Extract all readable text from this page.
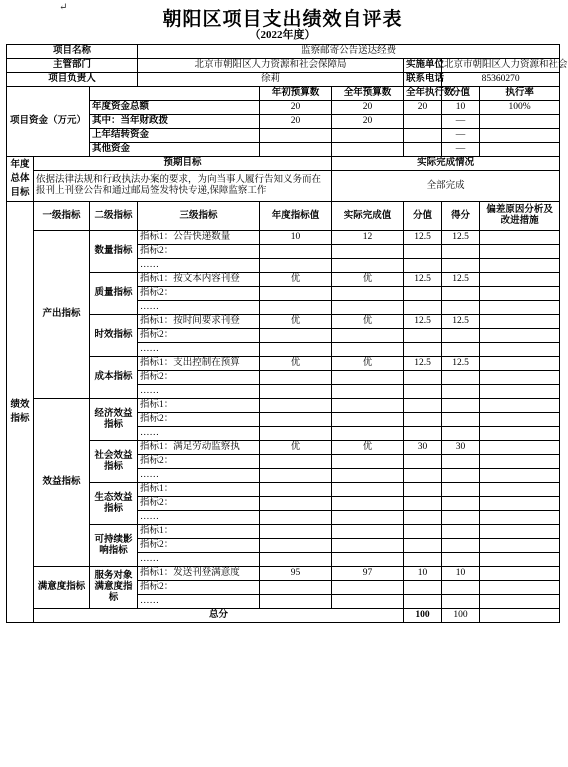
↵
朝阳区项目支出绩效自评表
（2022年度）
项目名称			监察邮寄公告送达经费						
主管部门			北京市朝阳区人力资源和社会保障局			实施单位	北京市朝阳区人力资源和社会		
项目负责人			徐莉			联系电话	85360270		
项目资金（万元）				年初预算数	全年预算数	全年执行数	分值	执行率	
		年度资金总额		20	20	20	10	100%	
		其中：当年财政拨		20	20		—		
		上年结转资金					—		
		其他资金					—		
年度总体目标	预期目标				实际完成情况				
	依据法律法规和行政执法办案的要求，为向当事人履行告知义务而在报刊上刊登公告和通过邮局签发特快专递,保障监察工作				全部完成				
绩效指标	一级指标	二级指标	三级指标	年度指标值	实际完成值	分值	得分	偏差原因分析及改进措施	
	产出指标	数量指标	指标1：公告快递数量	10	12	12.5	12.5		
			指标2：						
			……						
		质量指标	指标1：按文本内容刊登	优	优	12.5	12.5		
			指标2：						
			……						
		时效指标	指标1：按时间要求刊登	优	优	12.5	12.5		
			指标2：						
			……						
		成本指标	指标1：支出控制在预算	优	优	12.5	12.5		
			指标2：						
			……						
	效益指标	经济效益指标	指标1：						
			指标2：						
			……						
		社会效益指标	指标1：满足劳动监察执	优	优	30	30		
			指标2：						
			……						
		生态效益指标	指标1：						
			指标2：						
			……						
		可持续影响指标	指标1：						
			指标2：						
			……						
	满意度指标	服务对象满意度指标	指标1：发送刊登满意度	95	97	10	10		
			指标2：						
			……						
	总分					100	100		
